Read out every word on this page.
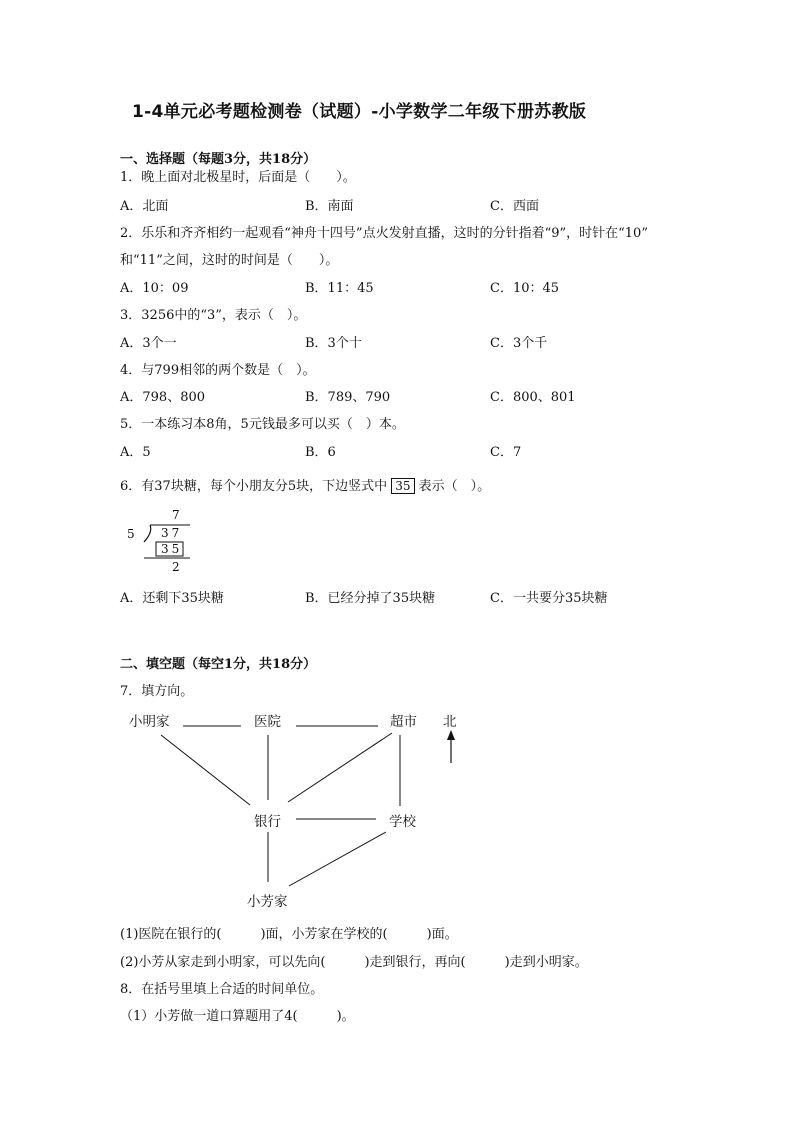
1-4单元必考题检测卷（试题）-小学数学二年级下册苏教版
一、选择题（每题3分，共18分）
1．晚上面对北极星时，后面是（　　）。
A．北面	B．南面	C．西面
2．乐乐和齐齐相约一起观看“神舟十四号”点火发射直播，这时的分针指着“9”，时针在“10”
和“11”之间，这时的时间是（　　）。
A．10：09	B．11：45	C．10：45
3．3256中的“3”，表示（　）。
A．3个一	B．3个十	C．3个千
4．与799相邻的两个数是（　）。
A．798、800	B．789、790	C．800、801
5．一本练习本8角，5元钱最多可以买（　）本。
A．5	B．6	C．7
6．有37块糖，每个小朋友分5块，下边竖式中 35 表示（　）。
7
5 37
35
2
A．还剩下35块糖	B．已经分掉了35块糖	C．一共要分35块糖
二、填空题（每空1分，共18分）
7．填方向。
小明家	医院	超市 北
银行	学校
小芳家
(1)医院在银行的(　　　)面，小芳家在学校的(　　　)面。
(2)小芳从家走到小明家，可以先向(　　　)走到银行，再向(　　　)走到小明家。
8．在括号里填上合适的时间单位。
（1）小芳做一道口算题用了4(　　　)。
